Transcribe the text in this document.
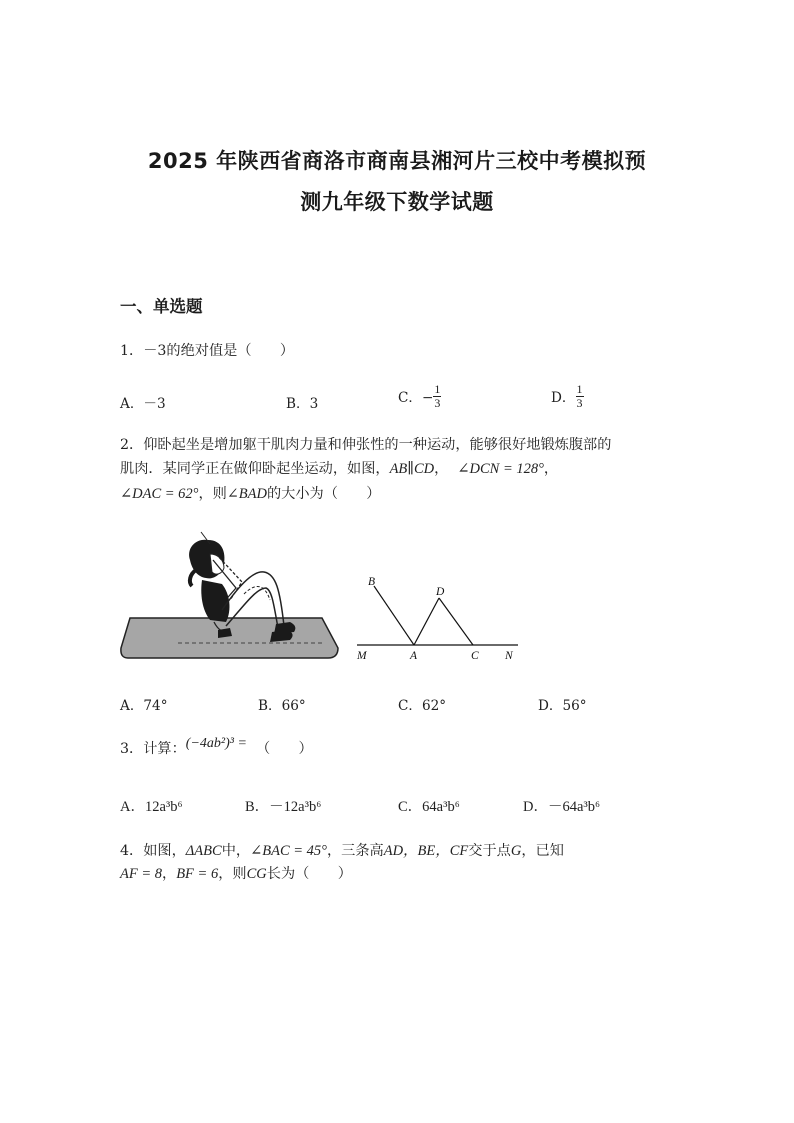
2025 年陕西省商洛市商南县湘河片三校中考模拟预
测九年级下数学试题
一、单选题
1．－3的绝对值是（　　）
A．－3	B．3	C．− $\frac{1}{3}$	D． $\frac{1}{3}$
2．仰卧起坐是增加躯干肌肉力量和伸张性的一种运动，能够很好地锻炼腹部的
肌肉．某同学正在做仰卧起坐运动，如图，AB∥CD， ∠DCN = 128°，
∠DAC = 62°，则∠BAD的大小为（　　）
B
D
M	A	C N
A．74°	B．66°	C．62°	D．56°
3．计算：(−4ab²)³ = （　　）
A．12a³b⁶	B．－12a³b⁶	C．64a³b⁶	D．－64a³b⁶
4．如图，ΔABC中，∠BAC = 45°，三条高AD，BE，CF交于点G，已知
AF = 8，BF = 6，则CG长为（　　）
